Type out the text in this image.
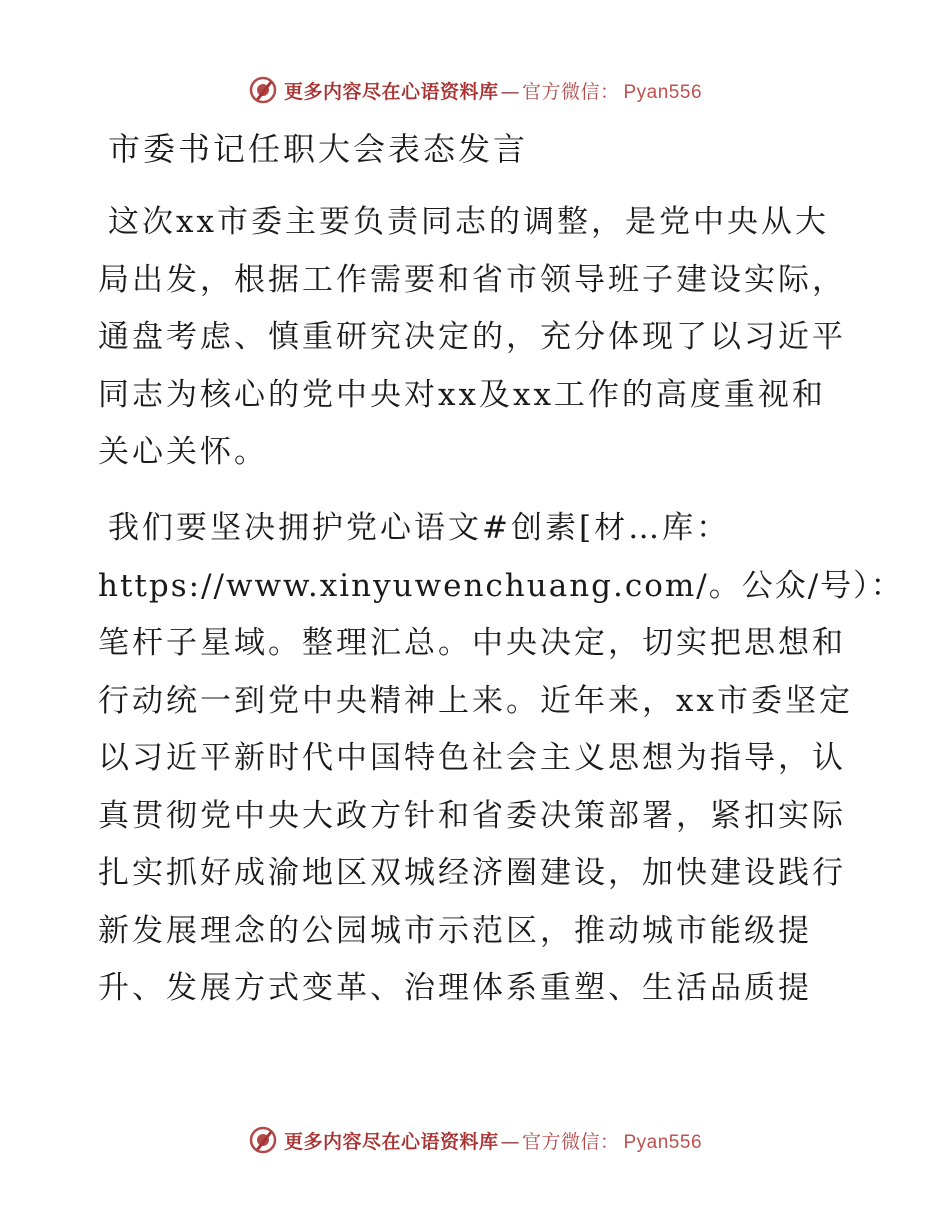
更多内容尽在心语资料库 — 官方微信： Pyan556
市委书记任职大会表态发言

这次xx市委主要负责同志的调整，是党中央从大
局出发，根据工作需要和省市领导班子建设实际，
通盘考虑、慎重研究决定的，充分体现了以习近平
同志为核心的党中央对xx及xx工作的高度重视和
关心关怀。

我们要坚决拥护党心语文#创素[材…库：
https://www.xinyuwenchuang.com/。公众/号）：
笔杆子星域。整理汇总。中央决定，切实把思想和
行动统一到党中央精神上来。近年来，xx市委坚定
以习近平新时代中国特色社会主义思想为指导，认
真贯彻党中央大政方针和省委决策部署，紧扣实际
扎实抓好成渝地区双城经济圈建设，加快建设践行
新发展理念的公园城市示范区，推动城市能级提
升、发展方式变革、治理体系重塑、生活品质提

更多内容尽在心语资料库 — 官方微信： Pyan556
